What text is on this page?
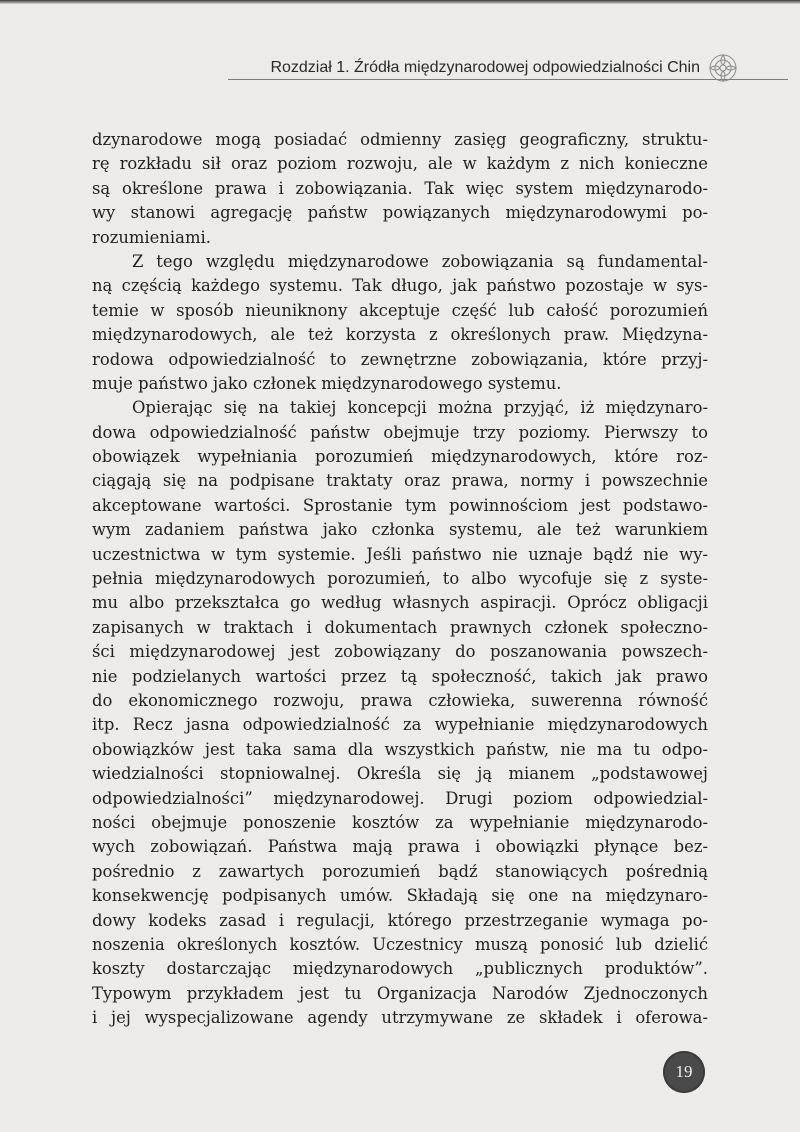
Rozdział 1. Źródła międzynarodowej odpowiedzialności Chin
dzynarodowe mogą posiadać odmienny zasięg geograficzny, struktu-
rę rozkładu sił oraz poziom rozwoju, ale w każdym z nich konieczne
są określone prawa i zobowiązania. Tak więc system międzynarodo-
wy stanowi agregację państw powiązanych międzynarodowymi po-
rozumieniami.
Z tego względu międzynarodowe zobowiązania są fundamental-
ną częścią każdego systemu. Tak długo, jak państwo pozostaje w sys-
temie w sposób nieuniknony akceptuje część lub całość porozumień
międzynarodowych, ale też korzysta z określonych praw. Międzyna-
rodowa odpowiedzialność to zewnętrzne zobowiązania, które przyj-
muje państwo jako członek międzynarodowego systemu.
Opierając się na takiej koncepcji można przyjąć, iż międzynaro-
dowa odpowiedzialność państw obejmuje trzy poziomy. Pierwszy to
obowiązek wypełniania porozumień międzynarodowych, które roz-
ciągają się na podpisane traktaty oraz prawa, normy i powszechnie
akceptowane wartości. Sprostanie tym powinnościom jest podstawo-
wym zadaniem państwa jako członka systemu, ale też warunkiem
uczestnictwa w tym systemie. Jeśli państwo nie uznaje bądź nie wy-
pełnia międzynarodowych porozumień, to albo wycofuje się z syste-
mu albo przekształca go według własnych aspiracji. Oprócz obligacji
zapisanych w traktach i dokumentach prawnych członek społeczno-
ści międzynarodowej jest zobowiązany do poszanowania powszech-
nie podzielanych wartości przez tą społeczność, takich jak prawo
do ekonomicznego rozwoju, prawa człowieka, suwerenna równość
itp. Recz jasna odpowiedzialność za wypełnianie międzynarodowych
obowiązków jest taka sama dla wszystkich państw, nie ma tu odpo-
wiedzialności stopniowalnej. Określa się ją mianem „podstawowej
odpowiedzialności” międzynarodowej. Drugi poziom odpowiedzial-
ności obejmuje ponoszenie kosztów za wypełnianie międzynarodo-
wych zobowiązań. Państwa mają prawa i obowiązki płynące bez-
pośrednio z zawartych porozumień bądź stanowiących pośrednią
konsekwencję podpisanych umów. Składają się one na międzynaro-
dowy kodeks zasad i regulacji, którego przestrzeganie wymaga po-
noszenia określonych kosztów. Uczestnicy muszą ponosić lub dzielić
koszty dostarczając międzynarodowych „publicznych produktów”.
Typowym przykładem jest tu Organizacja Narodów Zjednoczonych
i jej wyspecjalizowane agendy utrzymywane ze składek i oferowa-
19
